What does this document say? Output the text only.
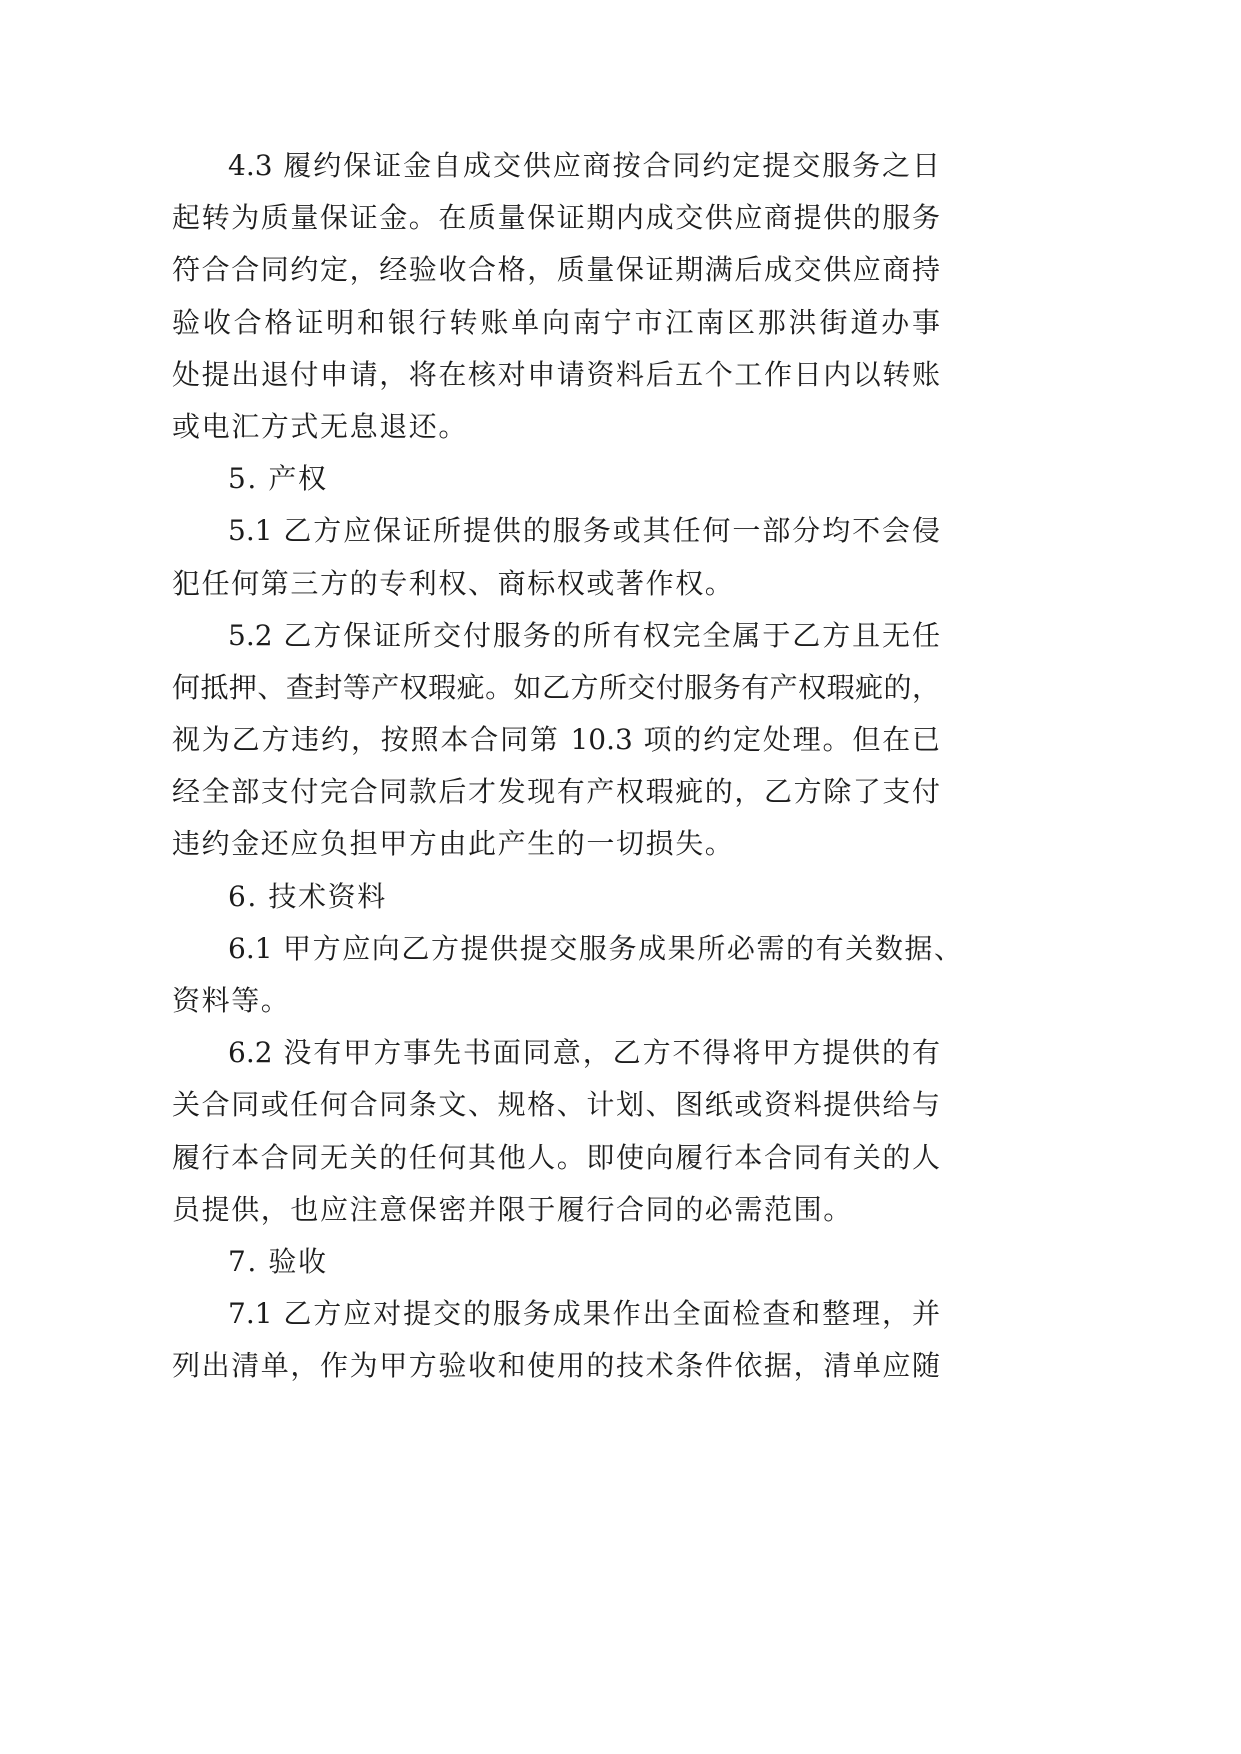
4.3 履约保证金自成交供应商按合同约定提交服务之日
起转为质量保证金。在质量保证期内成交供应商提供的服务
符合合同约定，经验收合格，质量保证期满后成交供应商持
验收合格证明和银行转账单向南宁市江南区那洪街道办事
处提出退付申请，将在核对申请资料后五个工作日内以转账
或电汇方式无息退还。
5. 产权
5.1 乙方应保证所提供的服务或其任何一部分均不会侵
犯任何第三方的专利权、商标权或著作权。
5.2 乙方保证所交付服务的所有权完全属于乙方且无任
何抵押、查封等产权瑕疵。如乙方所交付服务有产权瑕疵的，
视为乙方违约，按照本合同第 10.3 项的约定处理。但在已
经全部支付完合同款后才发现有产权瑕疵的，乙方除了支付
违约金还应负担甲方由此产生的一切损失。
6. 技术资料
6.1 甲方应向乙方提供提交服务成果所必需的有关数据、
资料等。
6.2 没有甲方事先书面同意，乙方不得将甲方提供的有
关合同或任何合同条文、规格、计划、图纸或资料提供给与
履行本合同无关的任何其他人。即使向履行本合同有关的人
员提供，也应注意保密并限于履行合同的必需范围。
7. 验收
7.1 乙方应对提交的服务成果作出全面检查和整理，并
列出清单，作为甲方验收和使用的技术条件依据，清单应随
